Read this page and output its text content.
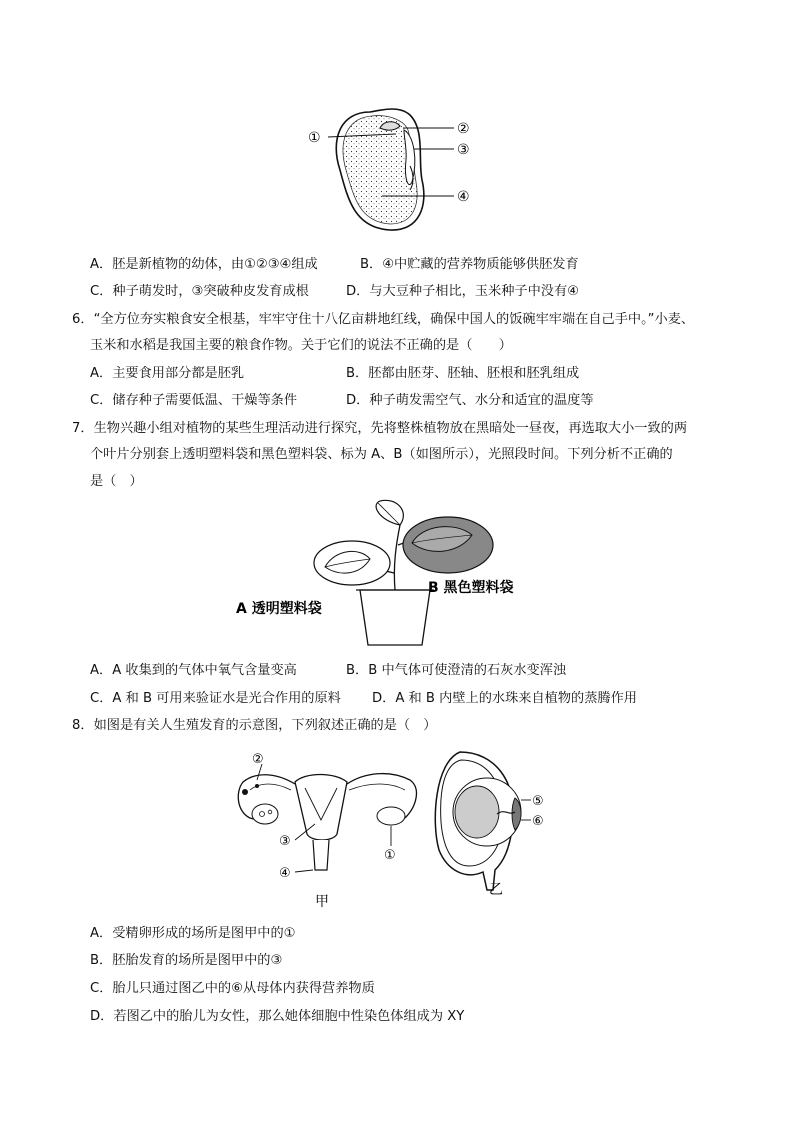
①
②
③
④
A．胚是新植物的幼体，由①②③④组成	B．④中贮藏的营养物质能够供胚发育
C．种子萌发时，③突破种皮发育成根	D．与大豆种子相比，玉米种子中没有④
6．“全方位夯实粮食安全根基，牢牢守住十八亿亩耕地红线，确保中国人的饭碗牢牢端在自己手中。”小麦、
玉米和水稻是我国主要的粮食作物。关于它们的说法不正确的是（　　）
A．主要食用部分都是胚乳	B．胚都由胚芽、胚轴、胚根和胚乳组成
C．储存种子需要低温、干燥等条件	D．种子萌发需空气、水分和适宜的温度等
7．生物兴趣小组对植物的某些生理活动进行探究，先将整株植物放在黑暗处一昼夜，再选取大小一致的两
个叶片分别套上透明塑料袋和黑色塑料袋、标为 A、B（如图所示），光照段时间。下列分析不正确的
是（　）
A 透明塑料袋
B 黑色塑料袋
A．A 收集到的气体中氧气含量变高	B．B 中气体可使澄清的石灰水变浑浊
C．A 和 B 可用来验证水是光合作用的原料 D．A 和 B 内壁上的水珠来自植物的蒸腾作用
8．如图是有关人生殖发育的示意图，下列叙述正确的是（　）
②
③
①
④
甲
⑤
⑥
乙
A．受精卵形成的场所是图甲中的①
B．胚胎发育的场所是图甲中的③
C．胎儿只通过图乙中的⑥从母体内获得营养物质
D．若图乙中的胎儿为女性，那么她体细胞中性染色体组成为 XY
